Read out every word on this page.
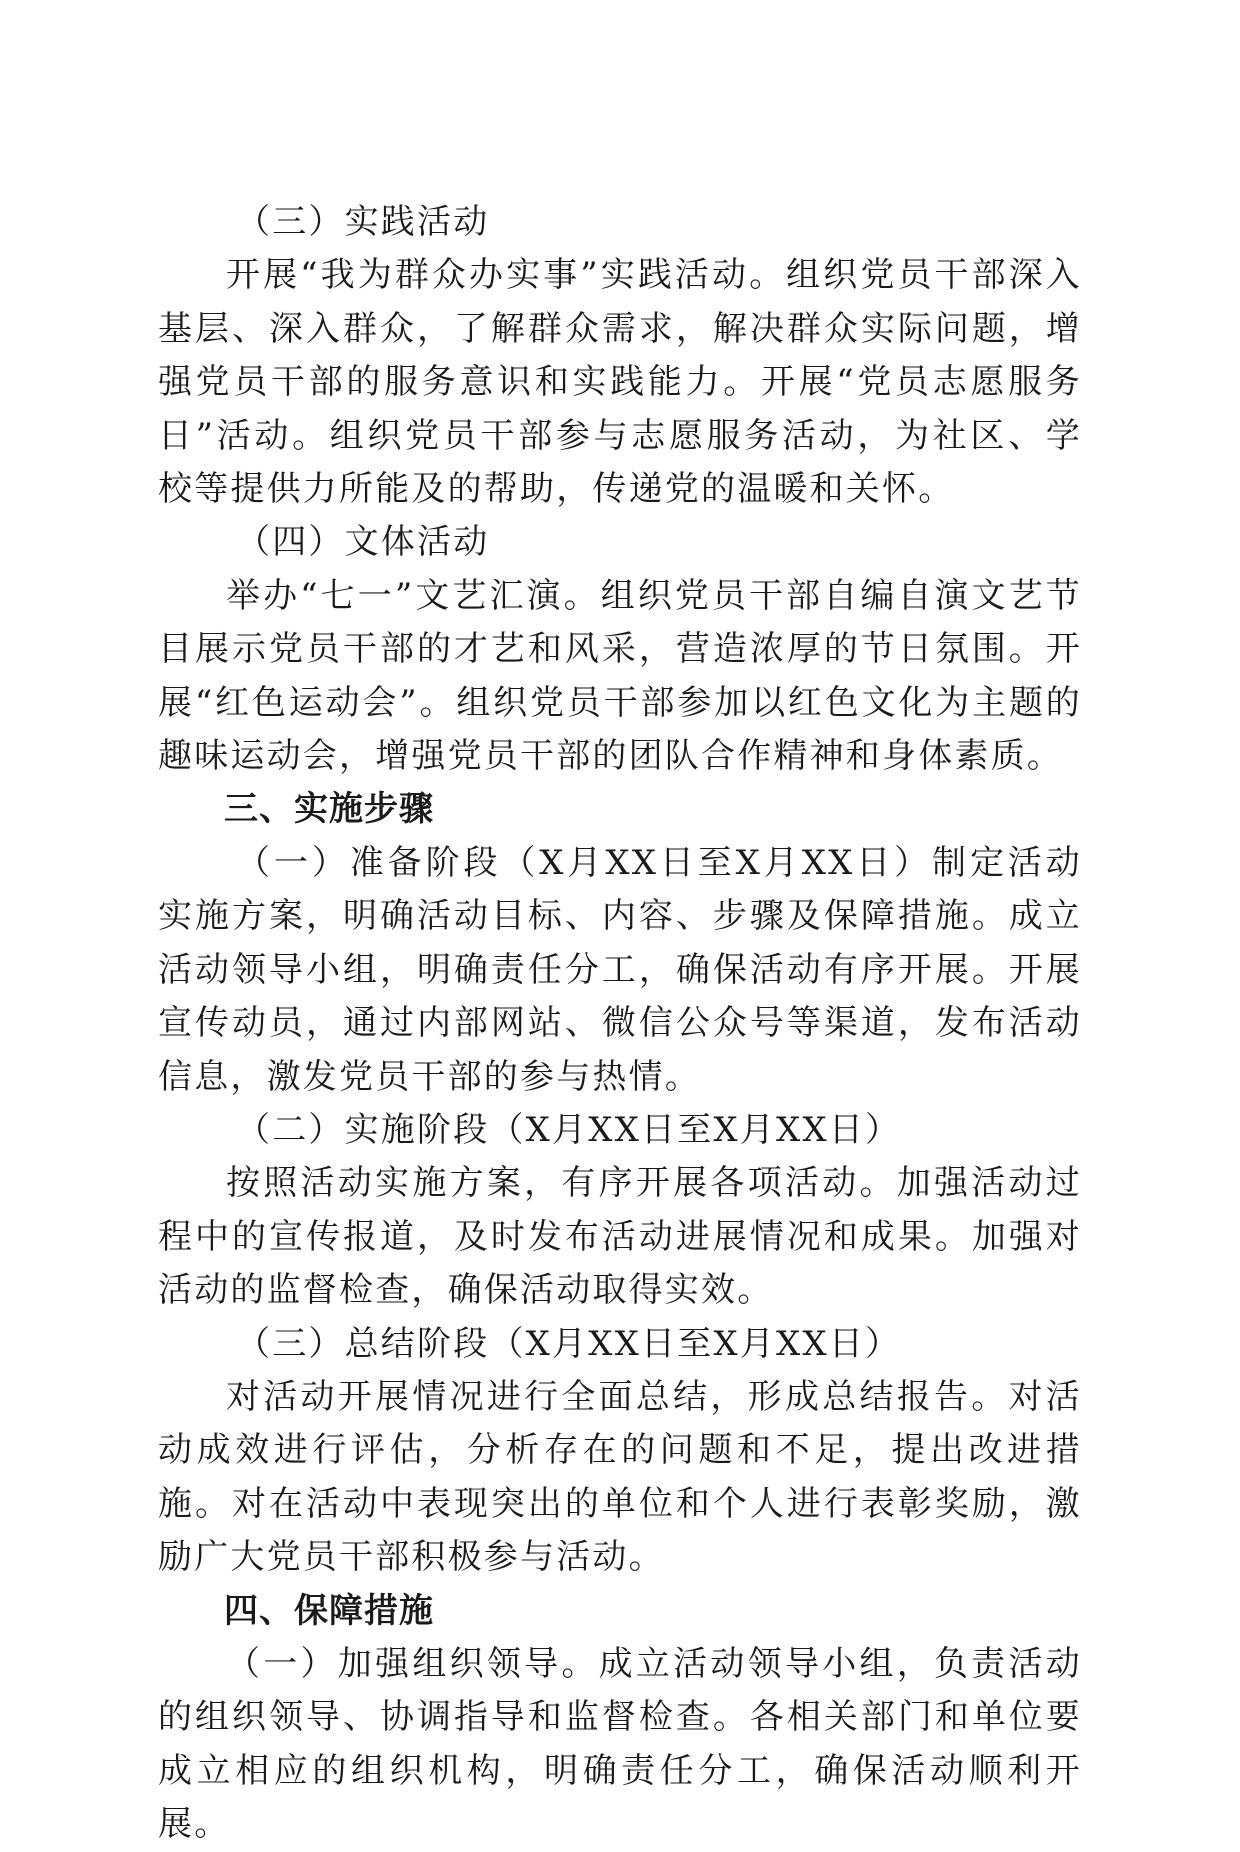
（三）实践活动

开展“我为群众办实事”实践活动。组织党员干部深入基层、深入群众，了解群众需求，解决群众实际问题，增强党员干部的服务意识和实践能力。开展“党员志愿服务日”活动。组织党员干部参与志愿服务活动，为社区、学校等提供力所能及的帮助，传递党的温暖和关怀。

（四）文体活动

举办“七一”文艺汇演。组织党员干部自编自演文艺节目展示党员干部的才艺和风采，营造浓厚的节日氛围。开展“红色运动会”。组织党员干部参加以红色文化为主题的趣味运动会，增强党员干部的团队合作精神和身体素质。

三、实施步骤

（一）准备阶段（X月XX日至X月XX日）制定活动实施方案，明确活动目标、内容、步骤及保障措施。成立活动领导小组，明确责任分工，确保活动有序开展。开展宣传动员，通过内部网站、微信公众号等渠道，发布活动信息，激发党员干部的参与热情。

（二）实施阶段（X月XX日至X月XX日）

按照活动实施方案，有序开展各项活动。加强活动过程中的宣传报道，及时发布活动进展情况和成果。加强对活动的监督检查，确保活动取得实效。

（三）总结阶段（X月XX日至X月XX日）

对活动开展情况进行全面总结，形成总结报告。对活动成效进行评估，分析存在的问题和不足，提出改进措施。对在活动中表现突出的单位和个人进行表彰奖励，激励广大党员干部积极参与活动。

四、保障措施

（一）加强组织领导。成立活动领导小组，负责活动的组织领导、协调指导和监督检查。各相关部门和单位要成立相应的组织机构，明确责任分工，确保活动顺利开展。
